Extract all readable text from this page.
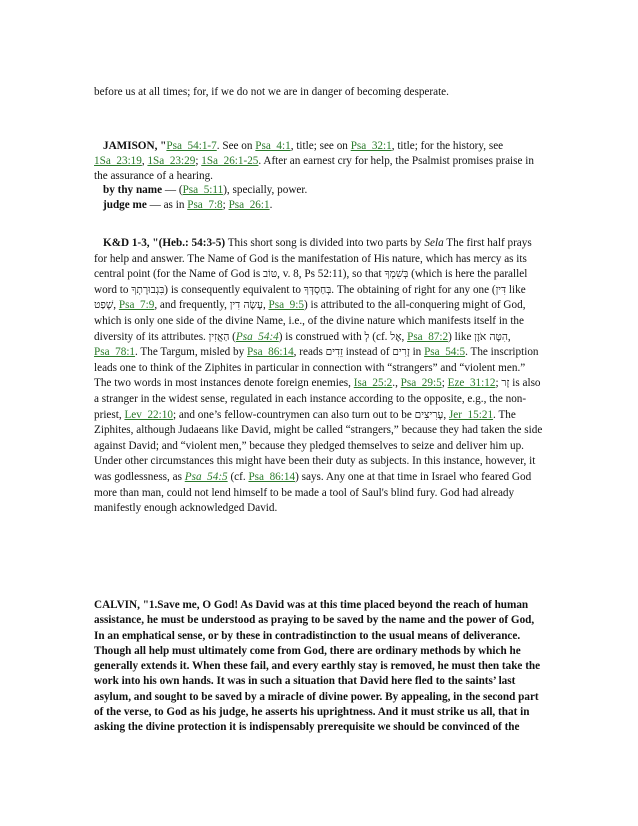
before us at all times; for, if we do not we are in danger of becoming desperate.

JAMISON, "Psa_54:1-7. See on Psa_4:1, title; see on Psa_32:1, title; for the history, see 1Sa_23:19, 1Sa_23:29; 1Sa_26:1-25. After an earnest cry for help, the Psalmist promises praise in the assurance of a hearing.
by thy name — (Psa_5:11), specially, power.
judge me — as in Psa_7:8; Psa_26:1.

K&D 1-3, "(Heb.: 54:3-5) This short song is divided into two parts by Sela The first half prays for help and answer. The Name of God is the manifestation of His nature, which has mercy as its central point (for the Name of God is טּוֹב, v. 8, Ps 52:11), so that בְּשִׁמְךָ (which is here the parallel word to בִּגְבוּרָתְךָ) is consequently equivalent to בְּחַסְדְּךָ. The obtaining of right for any one (דִּין like שָׁפַט, Psa_7:9, and frequently, עָשָׂה דִין, Psa_9:5) is attributed to the all-conquering might of God, which is only one side of the divine Name, i.e., of the divine nature which manifests itself in the diversity of its attributes. הַאֲזִין (Psa_54:4) is construed with לְ (cf. אֶל, Psa_87:2) like הִטָּה אֹזֶן, Psa_78:1. The Targum, misled by Psa_86:14, reads זֵדִים instead of זָרִים in Psa_54:5. The inscription leads one to think of the Ziphites in particular in connection with “strangers” and “violent men.” The two words in most instances denote foreign enemies, Isa_25:2., Psa_29:5; Eze_31:12; זָר is also a stranger in the widest sense, regulated in each instance according to the opposite, e.g., the non-priest, Lev_22:10; and one’s fellow-countrymen can also turn out to be עָרִיצִים, Jer_15:21. The Ziphites, although Judaeans like David, might be called “strangers,” because they had taken the side against David; and “violent men,” because they pledged themselves to seize and deliver him up. Under other circumstances this might have been their duty as subjects. In this instance, however, it was godlessness, as Psa_54:5 (cf. Psa_86:14) says. Any one at that time in Israel who feared God more than man, could not lend himself to be made a tool of Saul's blind fury. God had already manifestly enough acknowledged David.

CALVIN, "1.Save me, O God! As David was at this time placed beyond the reach of human assistance, he must be understood as praying to be saved by the name and the power of God, In an emphatical sense, or by these in contradistinction to the usual means of deliverance. Though all help must ultimately come from God, there are ordinary methods by which he generally extends it. When these fail, and every earthly stay is removed, he must then take the work into his own hands. It was in such a situation that David here fled to the saints’ last asylum, and sought to be saved by a miracle of divine power. By appealing, in the second part of the verse, to God as his judge, he asserts his uprightness. And it must strike us all, that in asking the divine protection it is indispensably prerequisite we should be convinced of the
